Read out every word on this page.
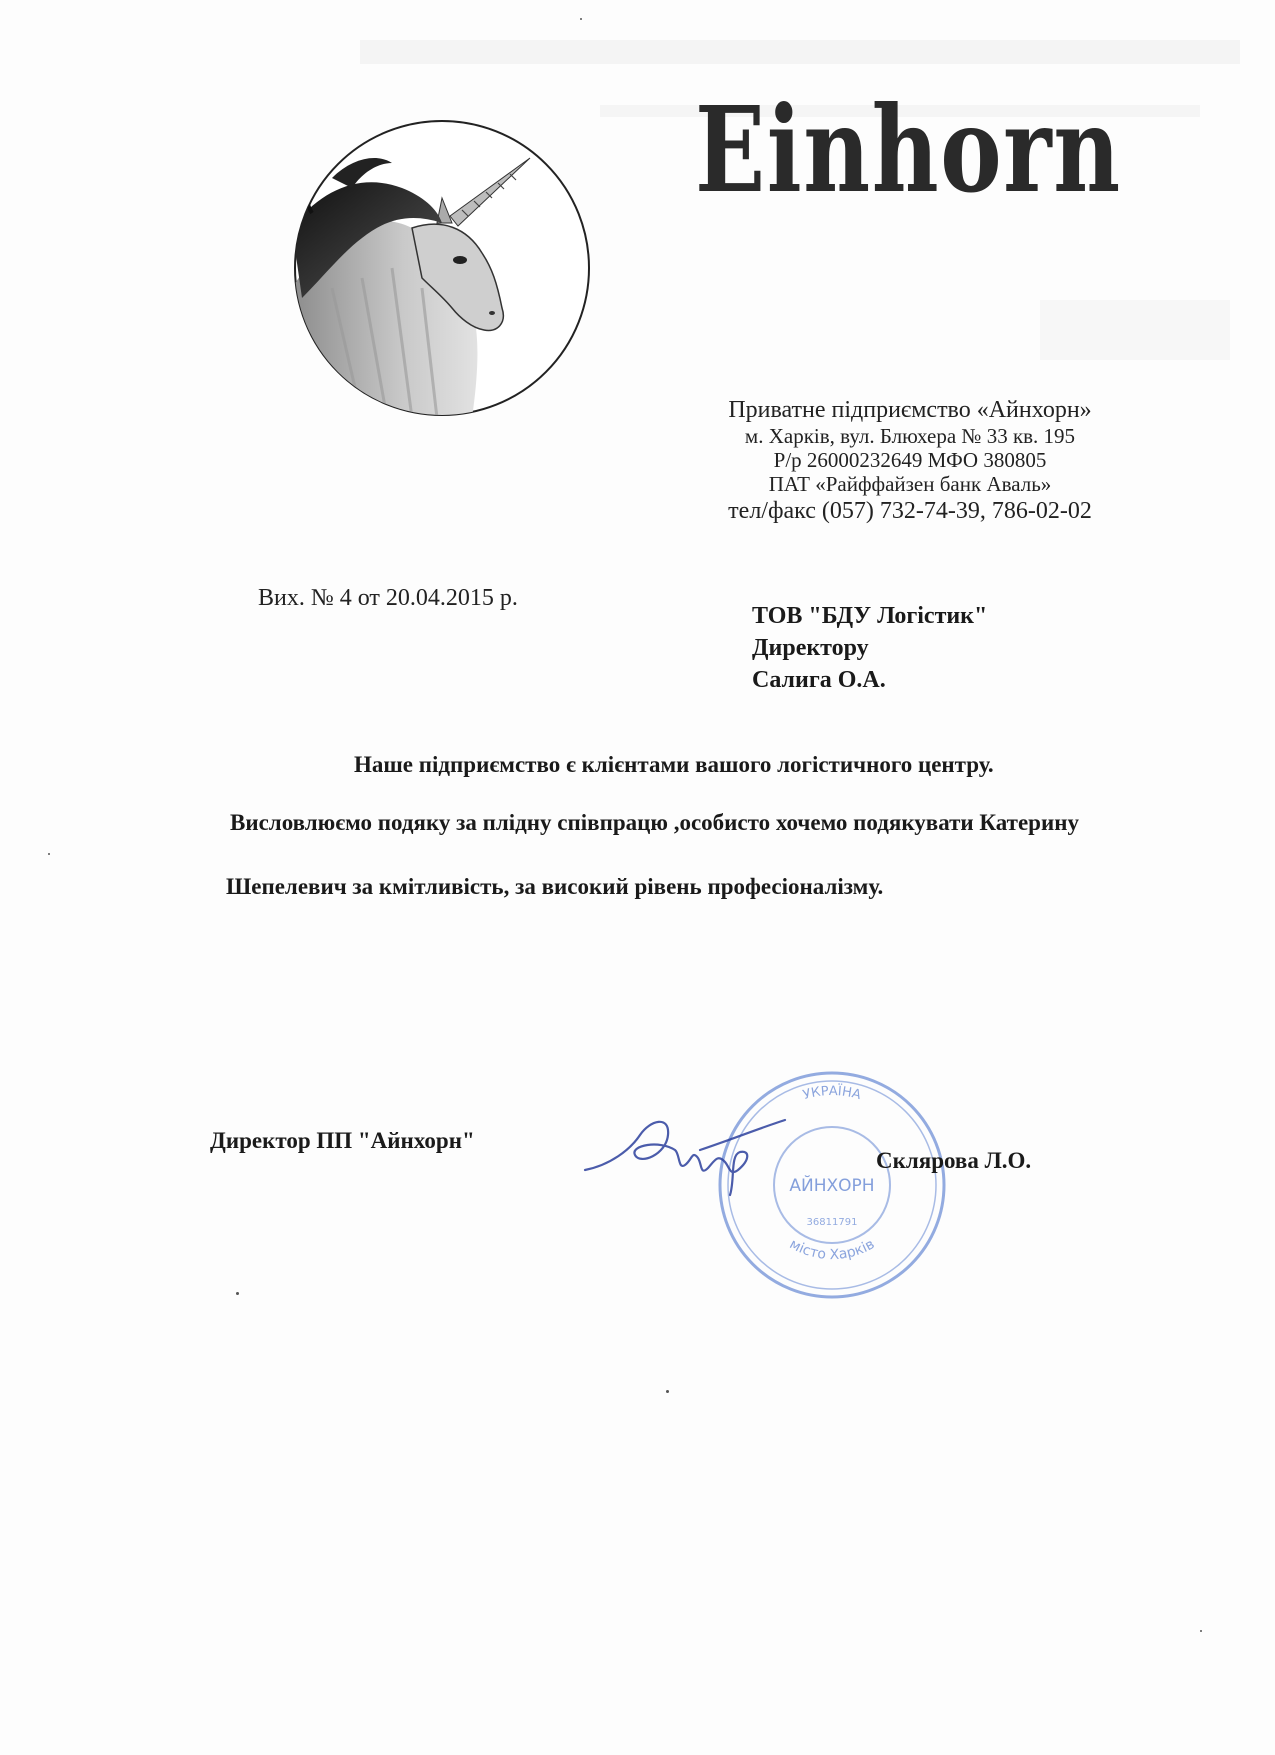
Einhorn
Приватне підприємство «Айнхорн»
м. Харків, вул. Блюхера № 33 кв. 195
Р/р 26000232649 МФО 380805
ПАТ «Райффайзен банк Аваль»
тел/факс (057) 732-74-39, 786-02-02
Вих. № 4 от 20.04.2015 р.
ТОВ "БДУ Логістик"
Директору
Салига О.А.
Наше підприємство є клієнтами вашого логістичного центру.
Висловлюємо подяку за плідну співпрацю ,особисто хочемо подякувати Катерину
Шепелевич за кмітливість, за високий рівень професіоналізму.
УКРАЇНА
місто Харків
АЙНХОРН
36811791
Директор ПП "Айнхорн"
Склярова Л.О.
